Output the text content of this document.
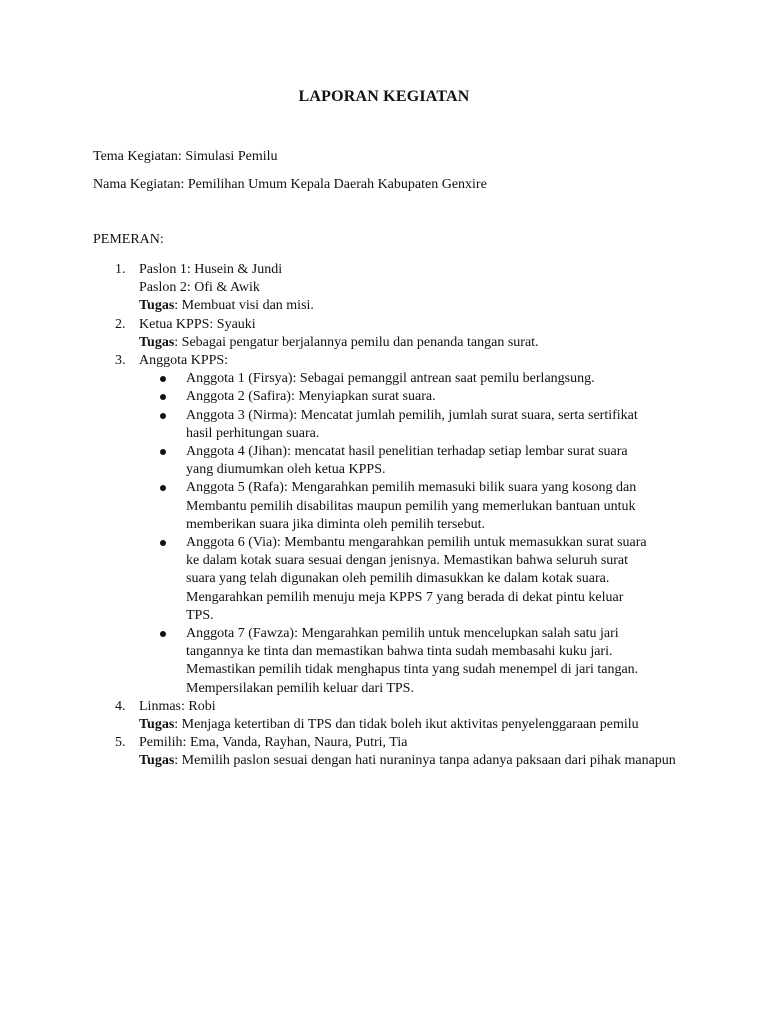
LAPORAN KEGIATAN
Tema Kegiatan: Simulasi Pemilu
Nama Kegiatan: Pemilihan Umum Kepala Daerah Kabupaten Genxire
PEMERAN:
1. Paslon 1: Husein & Jundi
Paslon 2: Ofi & Awik
Tugas: Membuat visi dan misi.
2. Ketua KPPS: Syauki
Tugas: Sebagai pengatur berjalannya pemilu dan penanda tangan surat.
3. Anggota KPPS:
Anggota 1 (Firsya): Sebagai pemanggil antrean saat pemilu berlangsung.
Anggota 2 (Safira): Menyiapkan surat suara.
Anggota 3 (Nirma): Mencatat jumlah pemilih, jumlah surat suara, serta sertifikat hasil perhitungan suara.
Anggota 4 (Jihan): mencatat hasil penelitian terhadap setiap lembar surat suara yang diumumkan oleh ketua KPPS.
Anggota 5 (Rafa): Mengarahkan pemilih memasuki bilik suara yang kosong dan Membantu pemilih disabilitas maupun pemilih yang memerlukan bantuan untuk memberikan suara jika diminta oleh pemilih tersebut.
Anggota 6 (Via): Membantu mengarahkan pemilih untuk memasukkan surat suara ke dalam kotak suara sesuai dengan jenisnya. Memastikan bahwa seluruh surat suara yang telah digunakan oleh pemilih dimasukkan ke dalam kotak suara. Mengarahkan pemilih menuju meja KPPS 7 yang berada di dekat pintu keluar TPS.
Anggota 7 (Fawza): Mengarahkan pemilih untuk mencelupkan salah satu jari tangannya ke tinta dan memastikan bahwa tinta sudah membasahi kuku jari. Memastikan pemilih tidak menghapus tinta yang sudah menempel di jari tangan. Mempersilakan pemilih keluar dari TPS.
4. Linmas: Robi
Tugas: Menjaga ketertiban di TPS dan tidak boleh ikut aktivitas penyelenggaraan pemilu
5. Pemilih: Ema, Vanda, Rayhan, Naura, Putri, Tia
Tugas: Memilih paslon sesuai dengan hati nuraninya tanpa adanya paksaan dari pihak manapun
